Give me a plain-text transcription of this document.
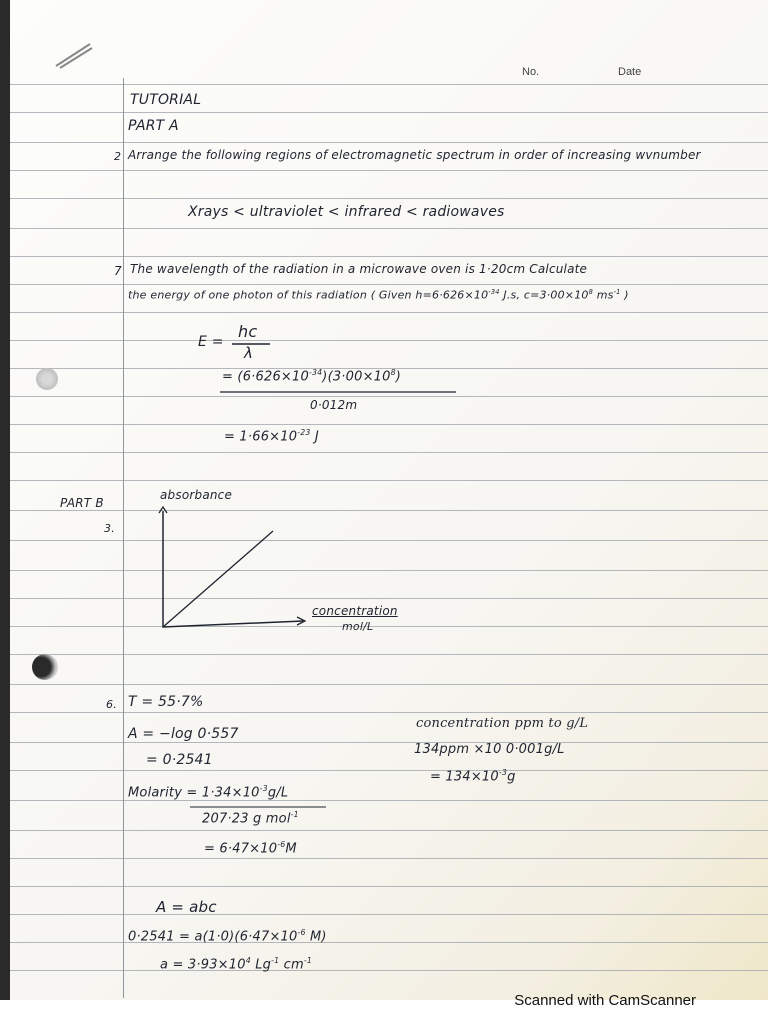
No.	Date
TUTORIAL
PART A
2 Arrange the following regions of electromagnetic spectrum in order of increasing wvnumber
Xrays < ultraviolet < infrared < radiowaves
7 The wavelength of the radiation in a microwave oven is 1·20cm Calculate
the energy of one photon of this radiation ( Given $h=6\cdot 626\times 10^{-34}$ J.s, $c=3\cdot 00\times 10^8$ $ms^{-1}$ )
E =
hc
λ
= $(6\cdot 626\times 10^{-34})(3\cdot 00\times 10^8)$
0·012m
= $1\cdot 66\times 10^{-23}$ J
PART B
3.
absorbance
concentration
mol/L
6. T = 55·7%
A = −log 0·557
= 0·2541
Molarity = $1\cdot 34\times 10^{-3}g/L$
207·23 g mol$^{-1}$
= $6\cdot 47\times 10^{-6}M$
concentration ppm to g/L
134ppm ×10 0·001g/L
= $134\times 10^{-3}g$
A = abc
$0\cdot 2541 = a(1\cdot 0)(6\cdot 47\times 10^{-6}$ M)
$a = 3\cdot 93\times 10^4$ $Lg^{-1}$ $cm^{-1}$
Scanned with CamScanner
